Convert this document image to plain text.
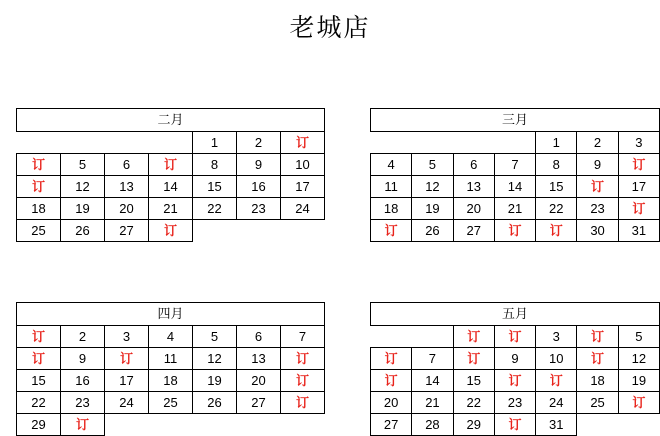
老城店
二月						
				1	2	订
订	5	6	订	8	9	10
订	12	13	14	15	16	17
18	19	20	21	22	23	24
25	26	27	订			
三月						
				1	2	3
4	5	6	7	8	9	订
11	12	13	14	15	订	17
18	19	20	21	22	23	订
订	26	27	订	订	30	31
四月						
订	2	3	4	5	6	7
订	9	订	11	12	13	订
15	16	17	18	19	20	订
22	23	24	25	26	27	订
29	订					
五月						
		订	订	3	订	5
订	7	订	9	10	订	12
订	14	15	订	订	18	19
20	21	22	23	24	25	订
27	28	29	订	31		
